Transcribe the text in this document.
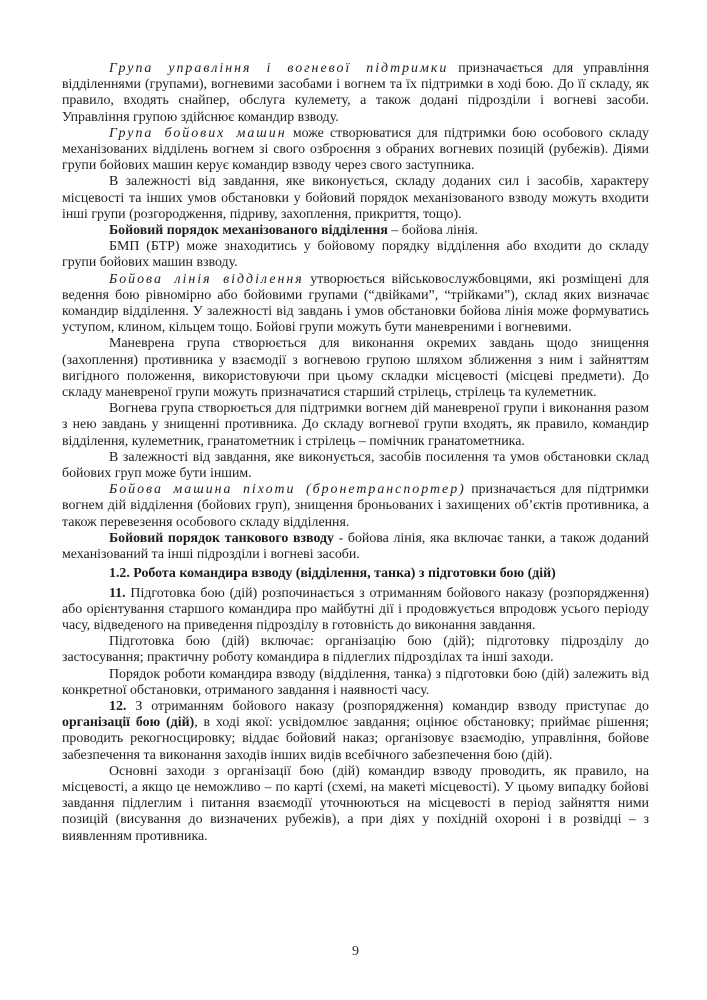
Група управління і вогневої підтримки призначається для управління відділеннями (групами), вогневими засобами і вогнем та їх підтримки в ході бою. До її складу, як правило, входять снайпер, обслуга кулемету, а також додані підрозділи і вогневі засоби. Управління групою здійснює командир взводу.

Група бойових машин може створюватися для підтримки бою особового складу механізованих відділень вогнем зі свого озброєння з обраних вогневих позицій (рубежів). Діями групи бойових машин керує командир взводу через свого заступника.

В залежності від завдання, яке виконується, складу доданих сил і засобів, характеру місцевості та інших умов обстановки у бойовий порядок механізованого взводу можуть входити інші групи (розгородження, підриву, захоплення, прикриття, тощо).

Бойовий порядок механізованого відділення – бойова лінія.

БМП (БТР) може знаходитись у бойовому порядку відділення або входити до складу групи бойових машин взводу.

Бойова лінія відділення утворюється військовослужбовцями, які розміщені для ведення бою рівномірно або бойовими групами (“двійками”, “трійками”), склад яких визначає командир відділення. У залежності від завдань і умов обстановки бойова лінія може формуватись уступом, клином, кільцем тощо. Бойові групи можуть бути маневреними і вогневими.

Маневрена група створюється для виконання окремих завдань щодо знищення (захоплення) противника у взаємодії з вогневою групою шляхом зближення з ним і зайняттям вигідного положення, використовуючи при цьому складки місцевості (місцеві предмети). До складу маневреної групи можуть призначатися старший стрілець, стрілець та кулеметник.

Вогнева група створюється для підтримки вогнем дій маневреної групи і виконання разом з нею завдань у знищенні противника. До складу вогневої групи входять, як правило, командир відділення, кулеметник, гранатометник і стрілець – помічник гранатометника.

В залежності від завдання, яке виконується, засобів посилення та умов обстановки склад бойових груп може бути іншим.

Бойова машина піхоти (бронетранспортер) призначається для підтримки вогнем дій відділення (бойових груп), знищення броньованих і захищених об’єктів противника, а також перевезення особового складу відділення.

Бойовий порядок танкового взводу - бойова лінія, яка включає танки, а також доданий механізований та інші підрозділи і вогневі засоби.

1.2. Робота командира взводу (відділення, танка) з підготовки бою (дій)

11. Підготовка бою (дій) розпочинається з отриманням бойового наказу (розпорядження) або орієнтування старшого командира про майбутні дії і продовжується впродовж усього періоду часу, відведеного на приведення підрозділу в готовність до виконання завдання.

Підготовка бою (дій) включає: організацію бою (дій); підготовку підрозділу до застосування; практичну роботу командира в підлеглих підрозділах та інші заходи.

Порядок роботи командира взводу (відділення, танка) з підготовки бою (дій) залежить від конкретної обстановки, отриманого завдання і наявності часу.

12. З отриманням бойового наказу (розпорядження) командир взводу приступає до організації бою (дій), в ході якої: усвідомлює завдання; оцінює обстановку; приймає рішення; проводить рекогносцировку; віддає бойовий наказ; організовує взаємодію, управління, бойове забезпечення та виконання заходів інших видів всебічного забезпечення бою (дій).

Основні заходи з організації бою (дій) командир взводу проводить, як правило, на місцевості, а якщо це неможливо – по карті (схемі, на макеті місцевості). У цьому випадку бойові завдання підлеглим і питання взаємодії уточнюються на місцевості в період зайняття ними позицій (висування до визначених рубежів), а при діях у похідній охороні і в розвідці – з виявленням противника.

9
